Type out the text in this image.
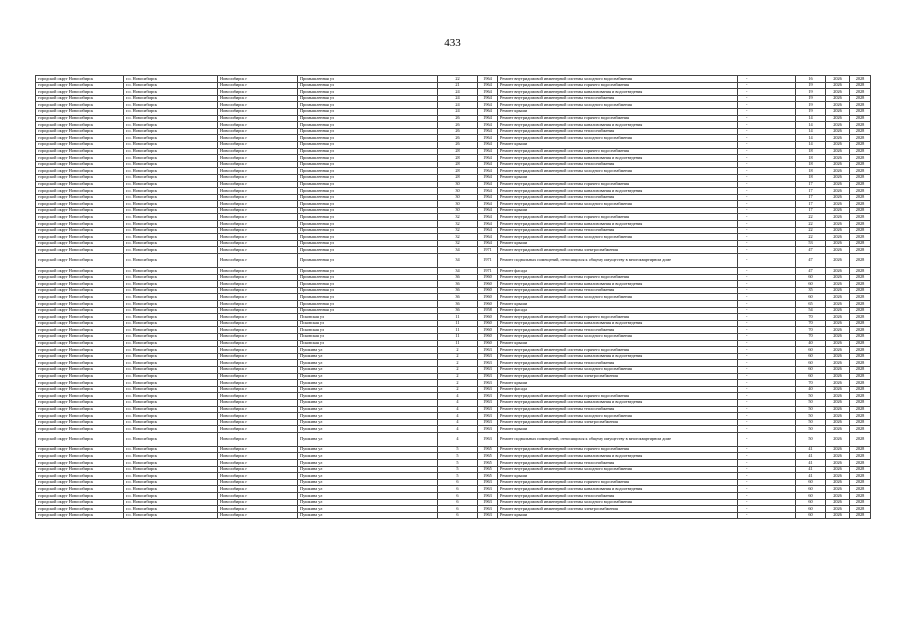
433
городской округ Новосибирск	г.о. Новосибирск	Новосибирск г	Промышленная ул	22	1964	Ремонт внутридомовой инженерной системы холодного водоснабжения	-	16	2026	2028
городской округ Новосибирск	г.о. Новосибирск	Новосибирск г	Промышленная ул	21	1964	Ремонт внутридомовой инженерной системы горячего водоснабжения	-	19	2026	2028
городской округ Новосибирск	г.о. Новосибирск	Новосибирск г	Промышленная ул	24	1964	Ремонт внутридомовой инженерной системы канализования и водоотведения	-	19	2026	2028
городской округ Новосибирск	г.о. Новосибирск	Новосибирск г	Промышленная ул	24	1964	Ремонт внутридомовой инженерной системы теплоснабжения	-	19	2026	2028
городской округ Новосибирск	г.о. Новосибирск	Новосибирск г	Промышленная ул	24	1964	Ремонт внутридомовой инженерной системы холодного водоснабжения	-	19	2026	2028
городской округ Новосибирск	г.о. Новосибирск	Новосибирск г	Промышленная ул	24	1964	Ремонт крыши	-	19	2026	2028
городской округ Новосибирск	г.о. Новосибирск	Новосибирск г	Промышленная ул	26	1964	Ремонт внутридомовой инженерной системы горячего водоснабжения	-	14	2026	2028
городской округ Новосибирск	г.о. Новосибирск	Новосибирск г	Промышленная ул	26	1964	Ремонт внутридомовой инженерной системы канализования и водоотведения	-	14	2026	2028
городской округ Новосибирск	г.о. Новосибирск	Новосибирск г	Промышленная ул	26	1964	Ремонт внутридомовой инженерной системы теплоснабжения	-	14	2026	2028
городской округ Новосибирск	г.о. Новосибирск	Новосибирск г	Промышленная ул	26	1964	Ремонт внутридомовой инженерной системы холодного водоснабжения	-	14	2026	2028
городской округ Новосибирск	г.о. Новосибирск	Новосибирск г	Промышленная ул	26	1964	Ремонт крыши	-	14	2026	2028
городской округ Новосибирск	г.о. Новосибирск	Новосибирск г	Промышленная ул	28	1964	Ремонт внутридомовой инженерной системы горячего водоснабжения	-	18	2026	2028
городской округ Новосибирск	г.о. Новосибирск	Новосибирск г	Промышленная ул	28	1964	Ремонт внутридомовой инженерной системы канализования и водоотведения	-	18	2026	2028
городской округ Новосибирск	г.о. Новосибирск	Новосибирск г	Промышленная ул	28	1964	Ремонт внутридомовой инженерной системы теплоснабжения	-	18	2026	2028
городской округ Новосибирск	г.о. Новосибирск	Новосибирск г	Промышленная ул	28	1964	Ремонт внутридомовой инженерной системы холодного водоснабжения	-	18	2026	2028
городской округ Новосибирск	г.о. Новосибирск	Новосибирск г	Промышленная ул	28	1964	Ремонт крыши	-	18	2026	2028
городской округ Новосибирск	г.о. Новосибирск	Новосибирск г	Промышленная ул	30	1964	Ремонт внутридомовой инженерной системы горячего водоснабжения	-	17	2026	2028
городской округ Новосибирск	г.о. Новосибирск	Новосибирск г	Промышленная ул	30	1964	Ремонт внутридомовой инженерной системы канализования и водоотведения	-	17	2026	2028
городской округ Новосибирск	г.о. Новосибирск	Новосибирск г	Промышленная ул	30	1964	Ремонт внутридомовой инженерной системы теплоснабжения	-	17	2026	2028
городской округ Новосибирск	г.о. Новосибирск	Новосибирск г	Промышленная ул	30	1964	Ремонт внутридомовой инженерной системы холодного водоснабжения	-	17	2026	2028
городской округ Новосибирск	г.о. Новосибирск	Новосибирск г	Промышленная ул	30	1964	Ремонт крыши	-	17	2026	2028
городской округ Новосибирск	г.о. Новосибирск	Новосибирск г	Промышленная ул	32	1964	Ремонт внутридомовой инженерной системы горячего водоснабжения	-	22	2026	2028
городской округ Новосибирск	г.о. Новосибирск	Новосибирск г	Промышленная ул	32	1964	Ремонт внутридомовой инженерной системы канализования и водоотведения	-	22	2026	2028
городской округ Новосибирск	г.о. Новосибирск	Новосибирск г	Промышленная ул	32	1964	Ремонт внутридомовой инженерной системы теплоснабжения	-	22	2026	2028
городской округ Новосибирск	г.о. Новосибирск	Новосибирск г	Промышленная ул	32	1964	Ремонт внутридомовой инженерной системы холодного водоснабжения	-	22	2026	2028
городской округ Новосибирск	г.о. Новосибирск	Новосибирск г	Промышленная ул	32	1964	Ремонт крыши	-	53	2026	2028
городской округ Новосибирск	г.о. Новосибирск	Новосибирск г	Промышленная ул	34	1971	Ремонт внутридомовой инженерной системы электроснабжения	-	47	2026	2028
городской округ Новосибирск	г.о. Новосибирск	Новосибирск г	Промышленная ул	34	1971	Ремонт подвальных помещений, относящихся к общему имуществу в многоквартирном доме	-	47	2026	2028
городской округ Новосибирск	г.о. Новосибирск	Новосибирск г	Промышленная ул	34	1971	Ремонт фасада	-	47	2026	2028
городской округ Новосибирск	г.о. Новосибирск	Новосибирск г	Промышленная ул	36	1960	Ремонт внутридомовой инженерной системы горячего водоснабжения	-	60	2026	2028
городской округ Новосибирск	г.о. Новосибирск	Новосибирск г	Промышленная ул	36	1960	Ремонт внутридомовой инженерной системы канализования и водоотведения	-	60	2026	2028
городской округ Новосибирск	г.о. Новосибирск	Новосибирск г	Промышленная ул	36	1960	Ремонт внутридомовой инженерной системы теплоснабжения	-	35	2026	2028
городской округ Новосибирск	г.о. Новосибирск	Новосибирск г	Промышленная ул	36	1960	Ремонт внутридомовой инженерной системы холодного водоснабжения	-	60	2026	2028
городской округ Новосибирск	г.о. Новосибирск	Новосибирск г	Промышленная ул	36	1960	Ремонт крыши	-	65	2026	2028
городской округ Новосибирск	г.о. Новосибирск	Новосибирск г	Промышленная ул	36	1958	Ремонт фасада	-	54	2026	2028
городской округ Новосибирск	г.о. Новосибирск	Новосибирск г	Псковская ул	11	1960	Ремонт внутридомовой инженерной системы горячего водоснабжения	-	70	2026	2028
городской округ Новосибирск	г.о. Новосибирск	Новосибирск г	Псковская ул	11	1960	Ремонт внутридомовой инженерной системы канализования и водоотведения	-	70	2026	2028
городской округ Новосибирск	г.о. Новосибирск	Новосибирск г	Псковская ул	11	1960	Ремонт внутридомовой инженерной системы теплоснабжения	-	70	2026	2028
городской округ Новосибирск	г.о. Новосибирск	Новосибирск г	Псковская ул	11	1960	Ремонт внутридомовой инженерной системы холодного водоснабжения	-	70	2026	2028
городской округ Новосибирск	г.о. Новосибирск	Новосибирск г	Псковская ул	11	1960	Ремонт крыши	-	40	2026	2028
городской округ Новосибирск	г.о. Новосибирск	Новосибирск г	Пушкина ул	2	1963	Ремонт внутридомовой инженерной системы горячего водоснабжения	-	60	2026	2028
городской округ Новосибирск	г.о. Новосибирск	Новосибирск г	Пушкина ул	2	1963	Ремонт внутридомовой инженерной системы канализования и водоотведения	-	60	2026	2028
городской округ Новосибирск	г.о. Новосибирск	Новосибирск г	Пушкина ул	2	1963	Ремонт внутридомовой инженерной системы теплоснабжения	-	60	2026	2028
городской округ Новосибирск	г.о. Новосибирск	Новосибирск г	Пушкина ул	2	1963	Ремонт внутридомовой инженерной системы холодного водоснабжения	-	60	2026	2028
городской округ Новосибирск	г.о. Новосибирск	Новосибирск г	Пушкина ул	2	1963	Ремонт внутридомовой инженерной системы электроснабжения	-	60	2026	2028
городской округ Новосибирск	г.о. Новосибирск	Новосибирск г	Пушкина ул	2	1963	Ремонт крыши	-	70	2026	2028
городской округ Новосибирск	г.о. Новосибирск	Новосибирск г	Пушкина ул	2	1963	Ремонт фасада	-	40	2026	2028
городской округ Новосибирск	г.о. Новосибирск	Новосибирск г	Пушкина ул	4	1963	Ремонт внутридомовой инженерной системы горячего водоснабжения	-	50	2026	2028
городской округ Новосибирск	г.о. Новосибирск	Новосибирск г	Пушкина ул	4	1963	Ремонт внутридомовой инженерной системы канализования и водоотведения	-	50	2026	2028
городской округ Новосибирск	г.о. Новосибирск	Новосибирск г	Пушкина ул	4	1963	Ремонт внутридомовой инженерной системы теплоснабжения	-	50	2026	2028
городской округ Новосибирск	г.о. Новосибирск	Новосибирск г	Пушкина ул	4	1963	Ремонт внутридомовой инженерной системы холодного водоснабжения	-	50	2026	2028
городской округ Новосибирск	г.о. Новосибирск	Новосибирск г	Пушкина ул	4	1963	Ремонт внутридомовой инженерной системы электроснабжения	-	50	2026	2028
городской округ Новосибирск	г.о. Новосибирск	Новосибирск г	Пушкина ул	4	1963	Ремонт крыши	-	50	2026	2028
городской округ Новосибирск	г.о. Новосибирск	Новосибирск г	Пушкина ул	4	1963	Ремонт подвальных помещений, относящихся к общему имуществу в многоквартирном доме	-	50	2026	2028
городской округ Новосибирск	г.о. Новосибирск	Новосибирск г	Пушкина ул	5	1965	Ремонт внутридомовой инженерной системы горячего водоснабжения	-	41	2026	2028
городской округ Новосибирск	г.о. Новосибирск	Новосибирск г	Пушкина ул	5	1965	Ремонт внутридомовой инженерной системы канализования и водоотведения	-	41	2026	2028
городской округ Новосибирск	г.о. Новосибирск	Новосибирск г	Пушкина ул	5	1965	Ремонт внутридомовой инженерной системы теплоснабжения	-	41	2026	2028
городской округ Новосибирск	г.о. Новосибирск	Новосибирск г	Пушкина ул	5	1965	Ремонт внутридомовой инженерной системы холодного водоснабжения	-	41	2026	2028
городской округ Новосибирск	г.о. Новосибирск	Новосибирск г	Пушкина ул	5	1965	Ремонт крыши	-	41	2026	2028
городской округ Новосибирск	г.о. Новосибирск	Новосибирск г	Пушкина ул	6	1963	Ремонт внутридомовой инженерной системы горячего водоснабжения	-	60	2026	2028
городской округ Новосибирск	г.о. Новосибирск	Новосибирск г	Пушкина ул	6	1963	Ремонт внутридомовой инженерной системы канализования и водоотведения	-	60	2026	2028
городской округ Новосибирск	г.о. Новосибирск	Новосибирск г	Пушкина ул	6	1963	Ремонт внутридомовой инженерной системы теплоснабжения	-	60	2026	2028
городской округ Новосибирск	г.о. Новосибирск	Новосибирск г	Пушкина ул	6	1963	Ремонт внутридомовой инженерной системы холодного водоснабжения	-	60	2026	2028
городской округ Новосибирск	г.о. Новосибирск	Новосибирск г	Пушкина ул	6	1963	Ремонт внутридомовой инженерной системы электроснабжения	-	60	2026	2028
городской округ Новосибирск	г.о. Новосибирск	Новосибирск г	Пушкина ул	6	1963	Ремонт крыши	-	60	2026	2028
